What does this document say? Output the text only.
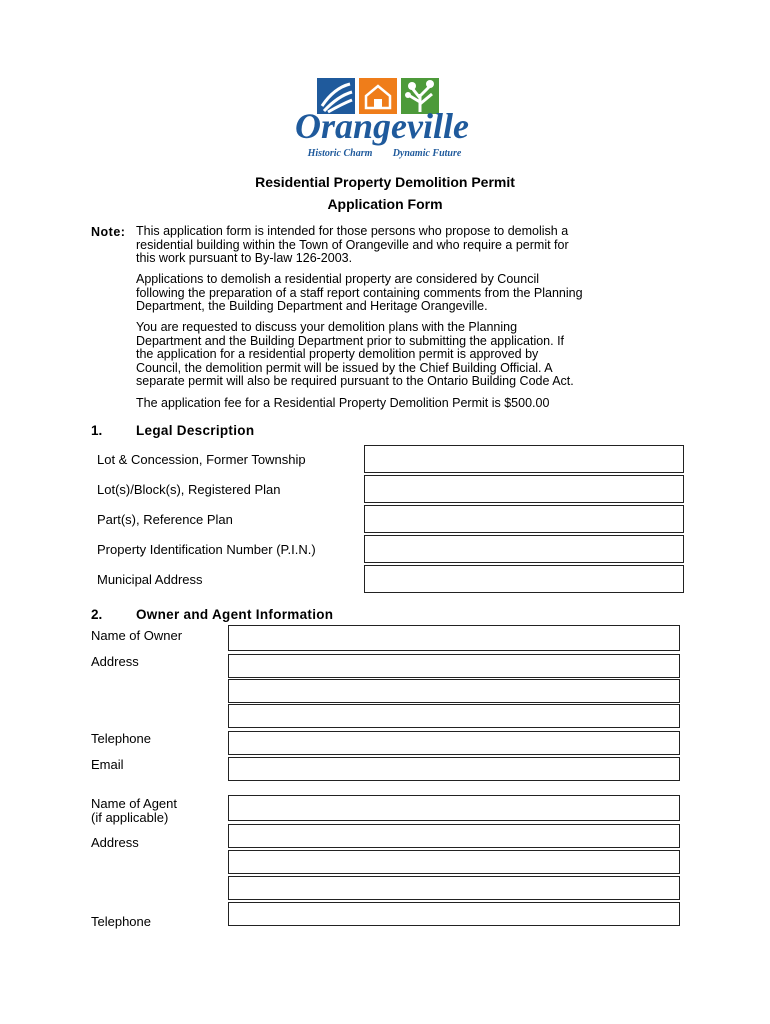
Orangeville
Historic Charm Dynamic Future
Residential Property Demolition Permit
Application Form
Note: This application form is intended for those persons who propose to demolish a
residential building within the Town of Orangeville and who require a permit for
this work pursuant to By-law 126-2003.
Applications to demolish a residential property are considered by Council
following the preparation of a staff report containing comments from the Planning
Department, the Building Department and Heritage Orangeville.
You are requested to discuss your demolition plans with the Planning
Department and the Building Department prior to submitting the application. If
the application for a residential property demolition permit is approved by
Council, the demolition permit will be issued by the Chief Building Official. A
separate permit will also be required pursuant to the Ontario Building Code Act.
The application fee for a Residential Property Demolition Permit is $500.00
1. Legal Description
Lot & Concession, Former Township
Lot(s)/Block(s), Registered Plan
Part(s), Reference Plan
Property Identification Number (P.I.N.)
Municipal Address
2. Owner and Agent Information
Name of Owner
Address
Telephone
Email
Name of Agent
(if applicable)
Address
Telephone
